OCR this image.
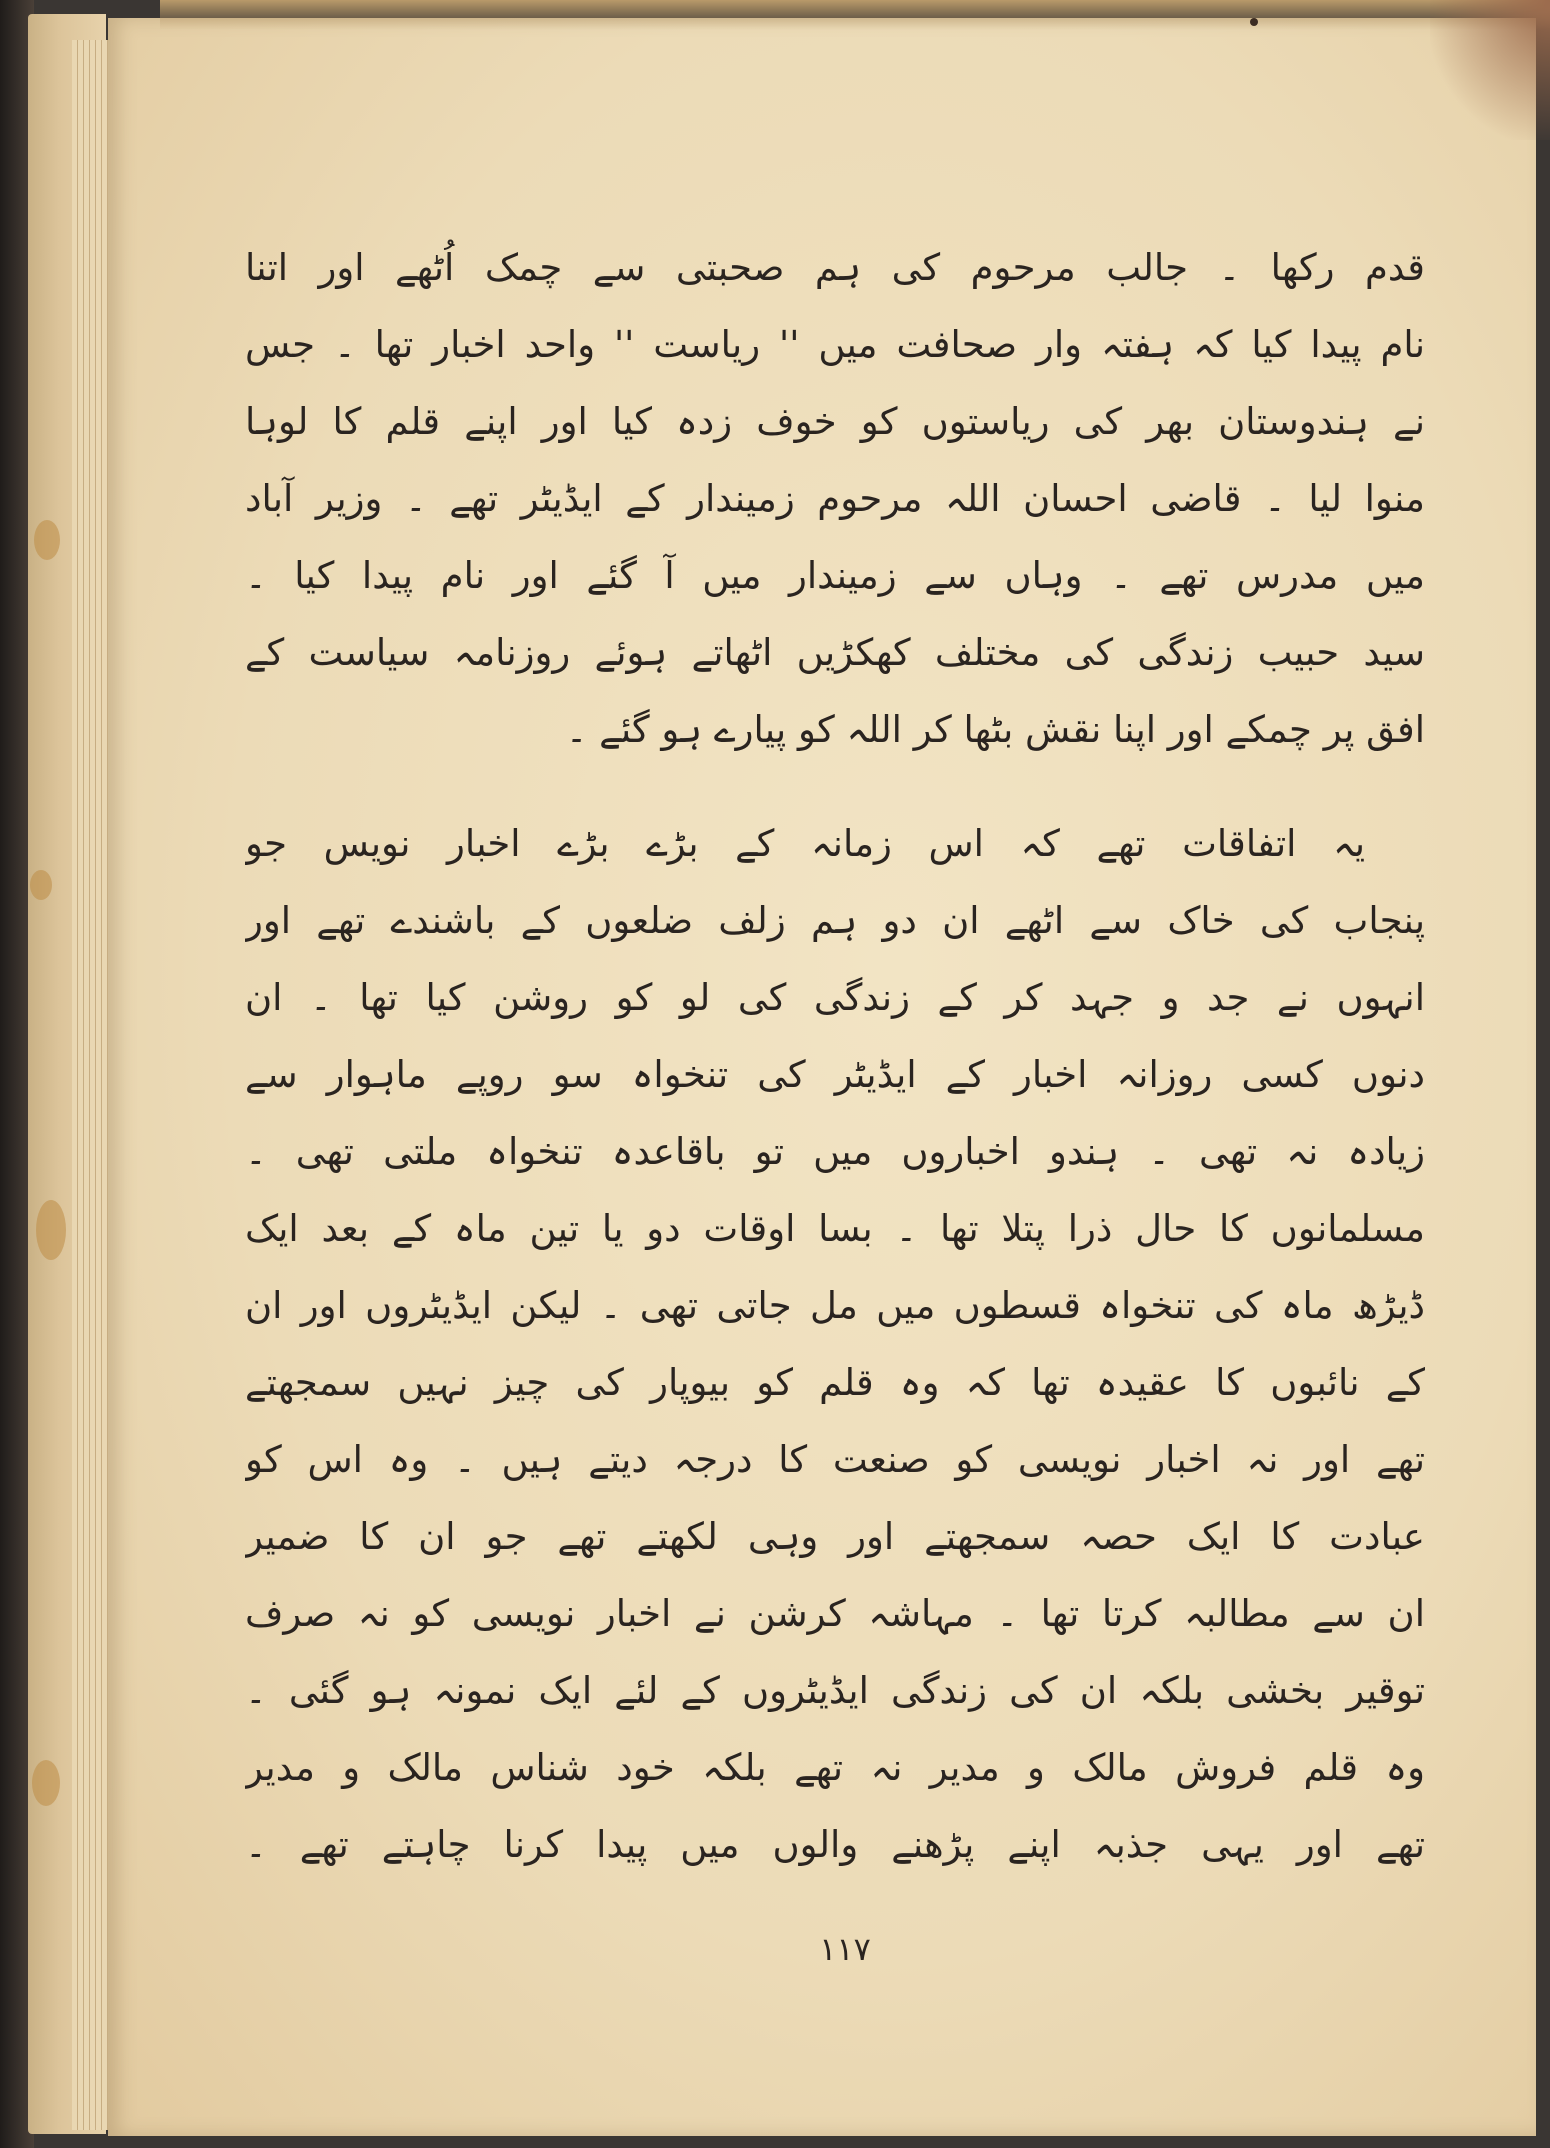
قدم رکھا ۔ جالب مرحوم کی ہم صحبتی سے چمک اُٹھے اور اتنا
نام پیدا کیا کہ ہفتہ وار صحافت میں '' ریاست '' واحد اخبار تھا ۔ جس
نے ہندوستان بھر کی ریاستوں کو خوف زدہ کیا اور اپنے قلم کا لوہا
منوا لیا ۔ قاضی احسان اللہ مرحوم زمیندار کے ایڈیٹر تھے ۔ وزیر آباد
میں مدرس تھے ۔ وہاں سے زمیندار میں آ گئے اور نام پیدا کیا ۔
سید حبیب زندگی کی مختلف کھکڑیں اٹھاتے ہوئے روزنامہ سیاست کے
افق پر چمکے اور اپنا نقش بٹھا کر اللہ کو پیارے ہو گئے ۔
یہ اتفاقات تھے کہ اس زمانہ کے بڑے بڑے اخبار نویس جو
پنجاب کی خاک سے اٹھے ان دو ہم زلف ضلعوں کے باشندے تھے اور
انہوں نے جد و جہد کر کے زندگی کی لو کو روشن کیا تھا ۔ ان
دنوں کسی روزانہ اخبار کے ایڈیٹر کی تنخواہ سو روپے ماہوار سے
زیادہ نہ تھی ۔ ہندو اخباروں میں تو باقاعدہ تنخواہ ملتی تھی ۔
مسلمانوں کا حال ذرا پتلا تھا ۔ بسا اوقات دو یا تین ماہ کے بعد ایک
ڈیڑھ ماہ کی تنخواہ قسطوں میں مل جاتی تھی ۔ لیکن ایڈیٹروں اور ان
کے نائبوں کا عقیدہ تھا کہ وہ قلم کو بیوپار کی چیز نہیں سمجھتے
تھے اور نہ اخبار نویسی کو صنعت کا درجہ دیتے ہیں ۔ وہ اس کو
عبادت کا ایک حصہ سمجھتے اور وہی لکھتے تھے جو ان کا ضمیر
ان سے مطالبہ کرتا تھا ۔ مہاشہ کرشن نے اخبار نویسی کو نہ صرف
توقیر بخشی بلکہ ان کی زندگی ایڈیٹروں کے لئے ایک نمونہ ہو گئی ۔
وہ قلم فروش مالک و مدیر نہ تھے بلکہ خود شناس مالک و مدیر
تھے اور یہی جذبہ اپنے پڑھنے والوں میں پیدا کرنا چاہتے تھے ۔
۱۱۷
